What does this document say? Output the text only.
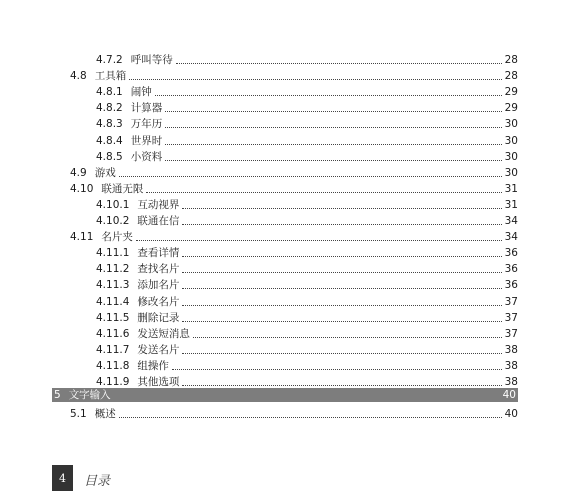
4.7.2 呼叫等待	28
4.8 工具箱	28
4.8.1 闹钟	29
4.8.2 计算器	29
4.8.3 万年历	30
4.8.4 世界时	30
4.8.5 小资料	30
4.9 游戏	30
4.10 联通无限	31
4.10.1 互动视界	31
4.10.2 联通在信	34
4.11 名片夹	34
4.11.1 查看详情	36
4.11.2 查找名片	36
4.11.3 添加名片	36
4.11.4 修改名片	37
4.11.5 删除记录	37
4.11.6 发送短消息	37
4.11.7 发送名片	38
4.11.8 组操作	38
4.11.9 其他选项	38
5 文字输入	40
5.1 概述	40
4 目录
